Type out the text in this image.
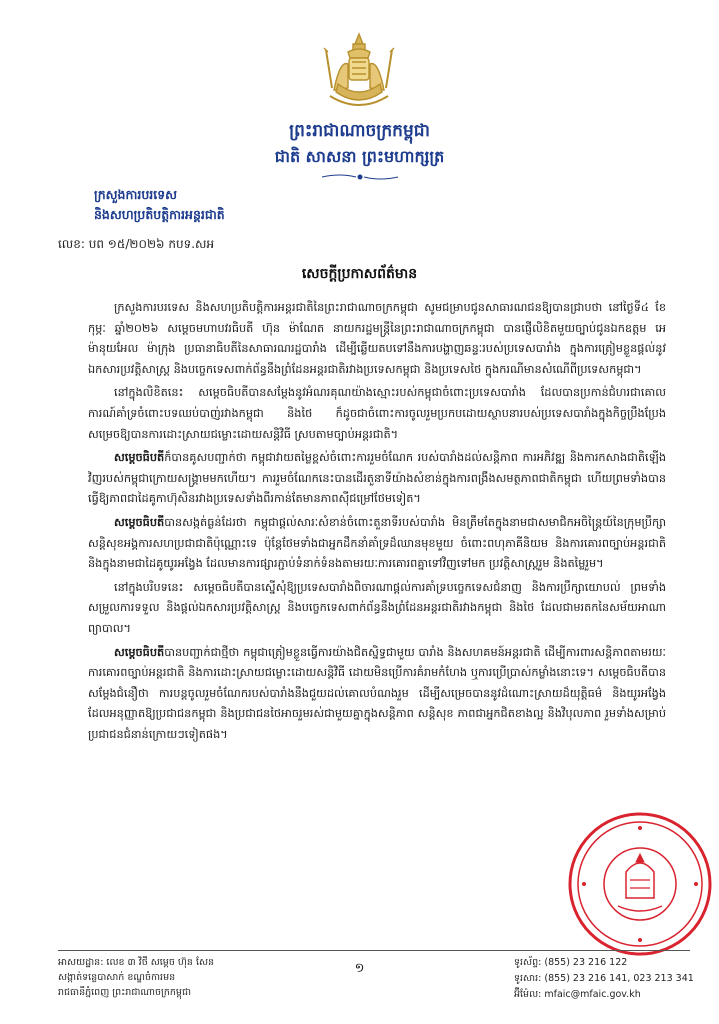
ព្រះរាជាណាចក្រកម្ពុជា
ជាតិ សាសនា ព្រះមហាក្សត្រ
ក្រសួងការបរទេស
និងសហប្រតិបត្តិការអន្តរជាតិ
លេខ: បព ១៥/២០២៦ កបទ.សអ
សេចក្តីប្រកាសព័ត៌មាន

ក្រសួងការបរទេស និងសហប្រតិបត្តិការអន្តរជាតិនៃព្រះរាជាណាចក្រកម្ពុជា សូមជម្រាបជូនសាធារណជនឱ្យបានជ្រាបថា នៅថ្ងៃទី៤ ខែកុម្ភៈ ឆ្នាំ២០២៦ សម្តេចមហាបវរធិបតី ហ៊ុន ម៉ាណែត នាយករដ្ឋមន្ត្រីនៃព្រះរាជាណាចក្រកម្ពុជា បានផ្ញើលិខិតមួយច្បាប់ជូនឯកឧត្តម អេម៉ានុយអែល ម៉ាក្រុង ប្រធានាធិបតីនៃសាធារណរដ្ឋបារាំង ដើម្បីឆ្លើយតបទៅនឹងការបង្ហាញឆន្ទៈរបស់ប្រទេសបារាំង ក្នុងការត្រៀមខ្លួនផ្តល់នូវឯកសារប្រវត្តិសាស្ត្រ និងបច្ចេកទេសពាក់ព័ន្ធនឹងព្រំដែនអន្តរជាតិរវាងប្រទេសកម្ពុជា និងប្រទេសថៃ ក្នុងករណីមានសំណើពីប្រទេសកម្ពុជា។

នៅក្នុងលិខិតនេះ សម្តេចធិបតីបានសម្តែងនូវអំណរគុណយ៉ាងស្មោះរបស់កម្ពុជាចំពោះប្រទេសបារាំង ដែលបានប្រកាន់ជំហរជាគោលការណ៍គាំទ្រចំពោះបទឈប់បាញ់រវាងកម្ពុជា និងថៃ ក៏ដូចជាចំពោះការចូលរួមប្រកបដោយស្ថាបនារបស់ប្រទេសបារាំងក្នុងកិច្ចប្រឹងប្រែង សម្រេចឱ្យបានការដោះស្រាយជម្លោះដោយសន្តិវិធី ស្របតាមច្បាប់អន្តរជាតិ។

សម្តេចធិបតីក៏បានគូសបញ្ជាក់ថា កម្ពុជាវាយតម្លៃខ្ពស់ចំពោះការរួមចំណែក របស់បារាំងដល់សន្តិភាព ការអភិវឌ្ឍ និងការកសាងជាតិឡើងវិញរបស់កម្ពុជាក្រោយសង្គ្រាមមកហើយ។ ការរួមចំណែកនេះបានដើរតួនាទីយ៉ាងសំខាន់ក្នុងការពង្រឹងសមត្ថភាពជាតិកម្ពុជា ហើយព្រមទាំងបានធ្វើឱ្យភាពជាដៃគូកាហ៊ុសិនរវាងប្រទេសទាំងពីរកាន់តែមានភាពស៊ីជម្រៅថែមទៀត។

សម្តេចធិបតីបានសង្កត់ធ្ងន់ដែរថា កម្ពុជាផ្តល់សារៈសំខាន់ចំពោះតួនាទីរបស់បារាំង មិនត្រឹមតែក្នុងនាមជាសមាជិកអចិន្ត្រៃយ៍នៃក្រុមប្រឹក្សាសន្តិសុខអង្គការសហប្រជាជាតិប៉ុណ្ណោះទេ ប៉ុន្តែថែមទាំងជាអ្នកដឹកនាំគាំទ្រដ៏ឈានមុខមួយ ចំពោះពហុភាគីនិយម និងការគោរពច្បាប់អន្តរជាតិ និងក្នុងនាមជាដៃគូយូរអង្វែង ដែលមានការផ្សារភ្ជាប់ទំនាក់ទំនងតាមរយៈការគោរពគ្នាទៅវិញទៅមក ប្រវត្តិសាស្ត្ររួម និងតម្លៃរួម។

នៅក្នុងបរិបទនេះ សម្តេចធិបតីបានស្នើសុំឱ្យប្រទេសបារាំងពិចារណាផ្តល់ការគាំទ្របច្ចេកទេសជំនាញ និងការប្រឹក្សាយោបល់ ព្រមទាំងសម្រួលការទទួល និងផ្តល់ឯកសារប្រវត្តិសាស្ត្រ និងបច្ចេកទេសពាក់ព័ន្ធនឹងព្រំដែនអន្តរជាតិរវាងកម្ពុជា និងថៃ ដែលជាមរតកនៃសម័យអាណាព្យាបាល។

សម្តេចធិបតីបានបញ្ជាក់ជាថ្មីថា កម្ពុជាត្រៀមខ្លួនធ្វើការយ៉ាងជិតស្និទ្ធជាមួយ បារាំង និងសហគមន៍អន្តរជាតិ ដើម្បីការពារសន្តិភាពតាមរយៈការគោរពច្បាប់អន្តរជាតិ និងការដោះស្រាយជម្លោះដោយសន្តិវិធី ដោយមិនប្រើការគំរាមកំហែង ឬការប្រើប្រាស់កម្លាំងនោះទេ។ សម្តេចធិបតីបានសម្តែងជំនឿថា ការបន្តចូលរួមចំណែករបស់បារាំងនឹងជួយដល់គោលបំណងរួម ដើម្បីសម្រេចបាននូវដំណោះស្រាយដ៏យុត្តិធម៌ និងយូរអង្វែង ដែលអនុញ្ញាតឱ្យប្រជាជនកម្ពុជា និងប្រជាជនថៃអាចរួមរស់ជាមួយគ្នាក្នុងសន្តិភាព សន្តិសុខ ភាពជាអ្នកជិតខាងល្អ និងវិបុលភាព រួមទាំងសម្រាប់ប្រជាជនជំនាន់ក្រោយៗទៀតផង។

អាសយដ្ឋាន: លេខ ៣ វិថី សម្តេច ហ៊ុន សែន
សង្កាត់ទន្លេបាសាក់ ខណ្ឌចំការមន
រាជធានីភ្នំពេញ ព្រះរាជាណាចក្រកម្ពុជា
១	ទូរស័ព្ទ: (855) 23 216 122
ទូរសារ: (855) 23 216 141, 023 213 341
អ៊ីម៉ែល: mfaic@mfaic.gov.kh
